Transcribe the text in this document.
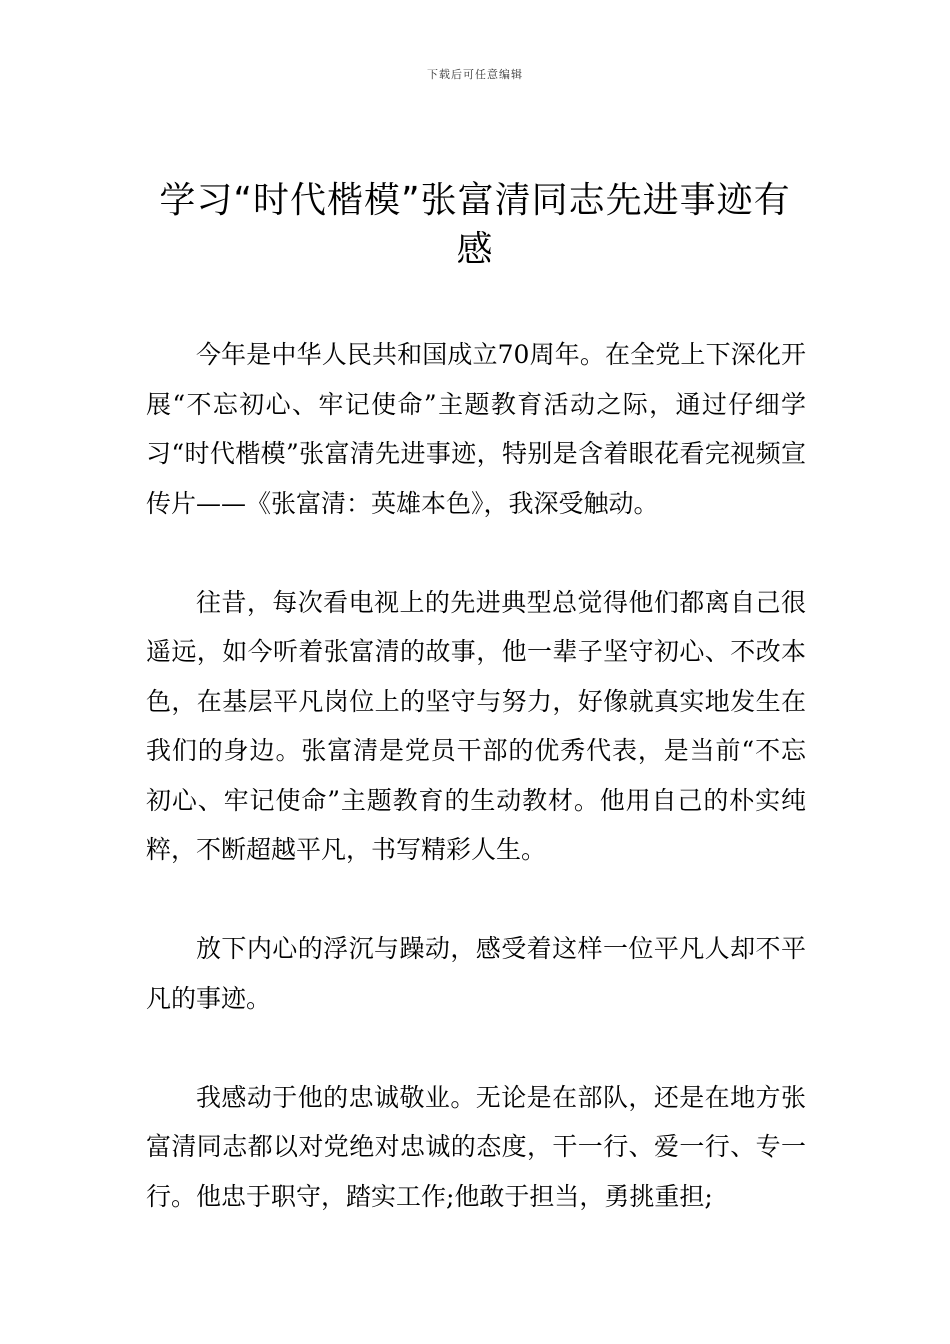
下载后可任意编辑
学习“时代楷模”张富清同志先进事迹有感

今年是中华人民共和国成立70周年。在全党上下深化开展“不忘初心、牢记使命”主题教育活动之际，通过仔细学习“时代楷模”张富清先进事迹，特别是含着眼花看完视频宣传片——《张富清：英雄本色》，我深受触动。

往昔，每次看电视上的先进典型总觉得他们都离自己很遥远，如今听着张富清的故事，他一辈子坚守初心、不改本色，在基层平凡岗位上的坚守与努力，好像就真实地发生在我们的身边。张富清是党员干部的优秀代表，是当前“不忘初心、牢记使命”主题教育的生动教材。他用自己的朴实纯粹，不断超越平凡，书写精彩人生。

放下内心的浮沉与躁动，感受着这样一位平凡人却不平凡的事迹。

我感动于他的忠诚敬业。无论是在部队，还是在地方张富清同志都以对党绝对忠诚的态度，干一行、爱一行、专一行。他忠于职守，踏实工作;他敢于担当，勇挑重担;
